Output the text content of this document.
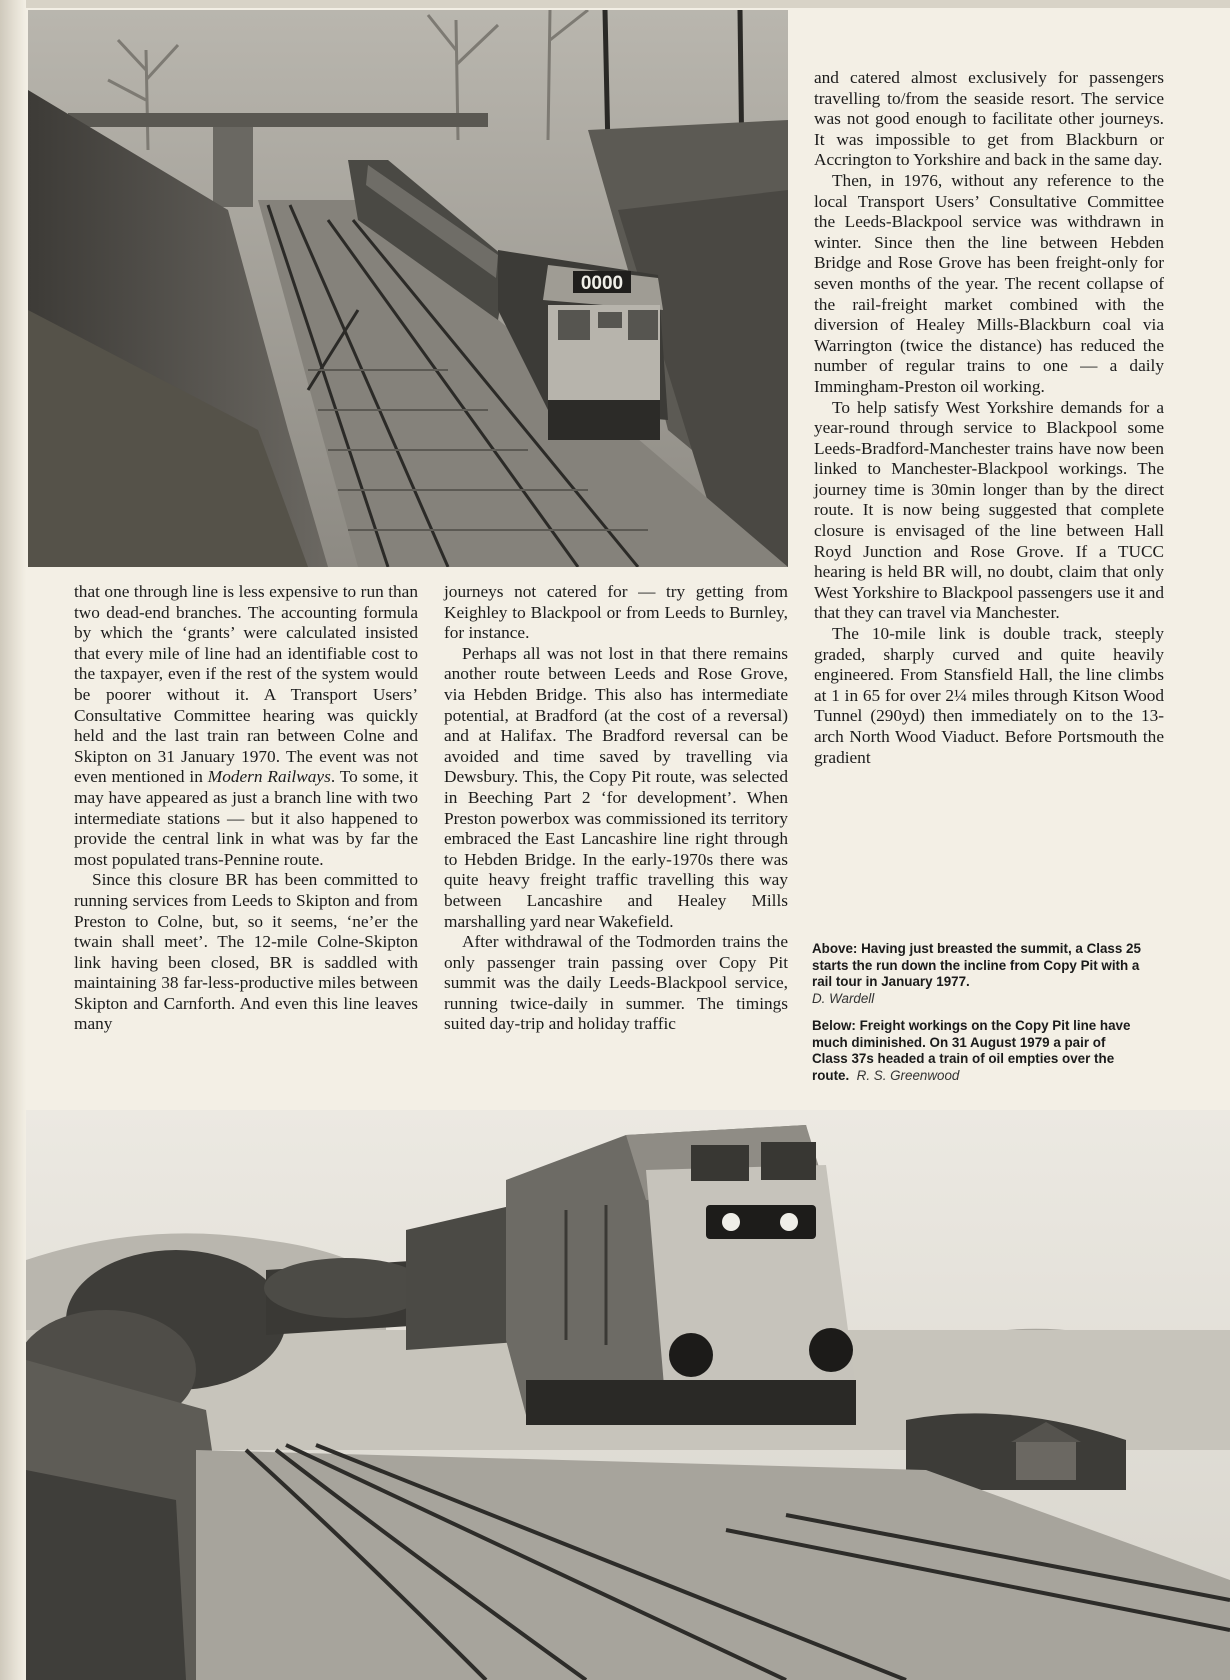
0000

that one through line is less expensive to run than two dead-end branches. The accounting formula by which the ‘grants’ were calculated insisted that every mile of line had an identifiable cost to the taxpayer, even if the rest of the system would be poorer without it. A Transport Users’ Consultative Committee hearing was quickly held and the last train ran between Colne and Skipton on 31 January 1970. The event was not even mentioned in Modern Railways. To some, it may have appeared as just a branch line with two intermediate stations — but it also happened to provide the central link in what was by far the most populated trans-Pennine route.

Since this closure BR has been committed to running services from Leeds to Skipton and from Preston to Colne, but, so it seems, ‘ne’er the twain shall meet’. The 12-mile Colne-Skipton link having been closed, BR is saddled with maintaining 38 far-less-productive miles between Skipton and Carnforth. And even this line leaves many

journeys not catered for — try getting from Keighley to Blackpool or from Leeds to Burnley, for instance.

Perhaps all was not lost in that there remains another route between Leeds and Rose Grove, via Hebden Bridge. This also has intermediate potential, at Bradford (at the cost of a reversal) and at Halifax. The Bradford reversal can be avoided and time saved by travelling via Dewsbury. This, the Copy Pit route, was selected in Beeching Part 2 ‘for development’. When Preston powerbox was commissioned its territory embraced the East Lancashire line right through to Hebden Bridge. In the early-1970s there was quite heavy freight traffic travelling this way between Lancashire and Healey Mills marshalling yard near Wakefield.

After withdrawal of the Todmorden trains the only passenger train passing over Copy Pit summit was the daily Leeds-Blackpool service, running twice-daily in summer. The timings suited day-trip and holiday traffic

and catered almost exclusively for passengers travelling to/from the seaside resort. The service was not good enough to facilitate other journeys. It was impossible to get from Blackburn or Accrington to Yorkshire and back in the same day.

Then, in 1976, without any reference to the local Transport Users’ Consultative Committee the Leeds-Blackpool service was withdrawn in winter. Since then the line between Hebden Bridge and Rose Grove has been freight-only for seven months of the year. The recent collapse of the rail-freight market combined with the diversion of Healey Mills-Blackburn coal via Warrington (twice the distance) has reduced the number of regular trains to one — a daily Immingham-Preston oil working.

To help satisfy West Yorkshire demands for a year-round through service to Blackpool some Leeds-Bradford-Manchester trains have now been linked to Manchester-Blackpool workings. The journey time is 30min longer than by the direct route. It is now being suggested that complete closure is envisaged of the line between Hall Royd Junction and Rose Grove. If a TUCC hearing is held BR will, no doubt, claim that only West Yorkshire to Blackpool passengers use it and that they can travel via Manchester.

The 10-mile link is double track, steeply graded, sharply curved and quite heavily engineered. From Stansfield Hall, the line climbs at 1 in 65 for over 2¼ miles through Kitson Wood Tunnel (290yd) then immediately on to the 13-arch North Wood Viaduct. Before Portsmouth the gradient

Above: Having just breasted the summit, a Class 25 starts the run down the incline from Copy Pit with a rail tour in January 1977.
D. Wardell
Below: Freight workings on the Copy Pit line have much diminished. On 31 August 1979 a pair of Class 37s headed a train of oil empties over the route. R. S. Greenwood
